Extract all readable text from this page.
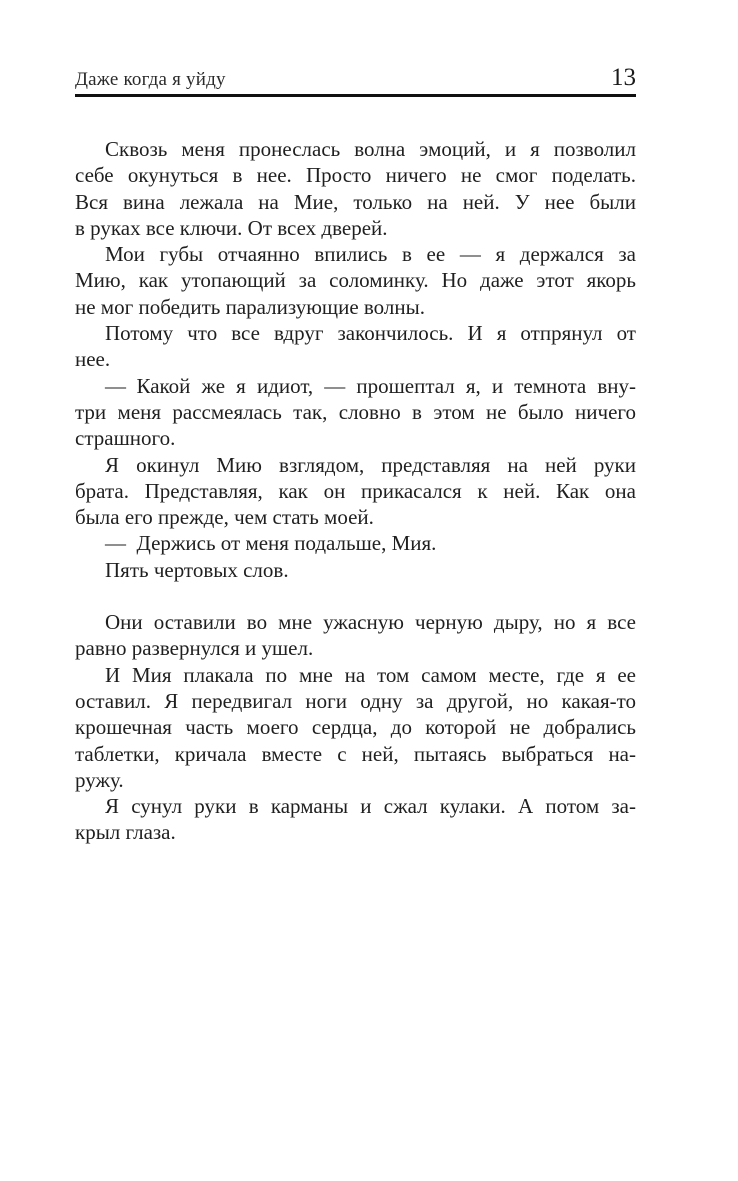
Даже когда я уйду	13

Сквозь меня пронеслась волна эмоций, и я позволил
себе окунуться в нее. Просто ничего не смог поделать.
Вся вина лежала на Мие, только на ней. У нее были
в руках все ключи. От всех дверей.

Мои губы отчаянно впились в ее — я держался за
Мию, как утопающий за соломинку. Но даже этот якорь
не мог победить парализующие волны.

Потому что все вдруг закончилось. И я отпрянул от
нее.

— Какой же я идиот, — прошептал я, и темнота вну-
три меня рассмеялась так, словно в этом не было ничего
страшного.

Я окинул Мию взглядом, представляя на ней руки
брата. Представляя, как он прикасался к ней. Как она
была его прежде, чем стать моей.

— Держись от меня подальше, Мия.

Пять чертовых слов.

Они оставили во мне ужасную черную дыру, но я все
равно развернулся и ушел.

И Мия плакала по мне на том самом месте, где я ее
оставил. Я передвигал ноги одну за другой, но какая-то
крошечная часть моего сердца, до которой не добрались
таблетки, кричала вместе с ней, пытаясь выбраться на-
ружу.

Я сунул руки в карманы и сжал кулаки. А потом за-
крыл глаза.
